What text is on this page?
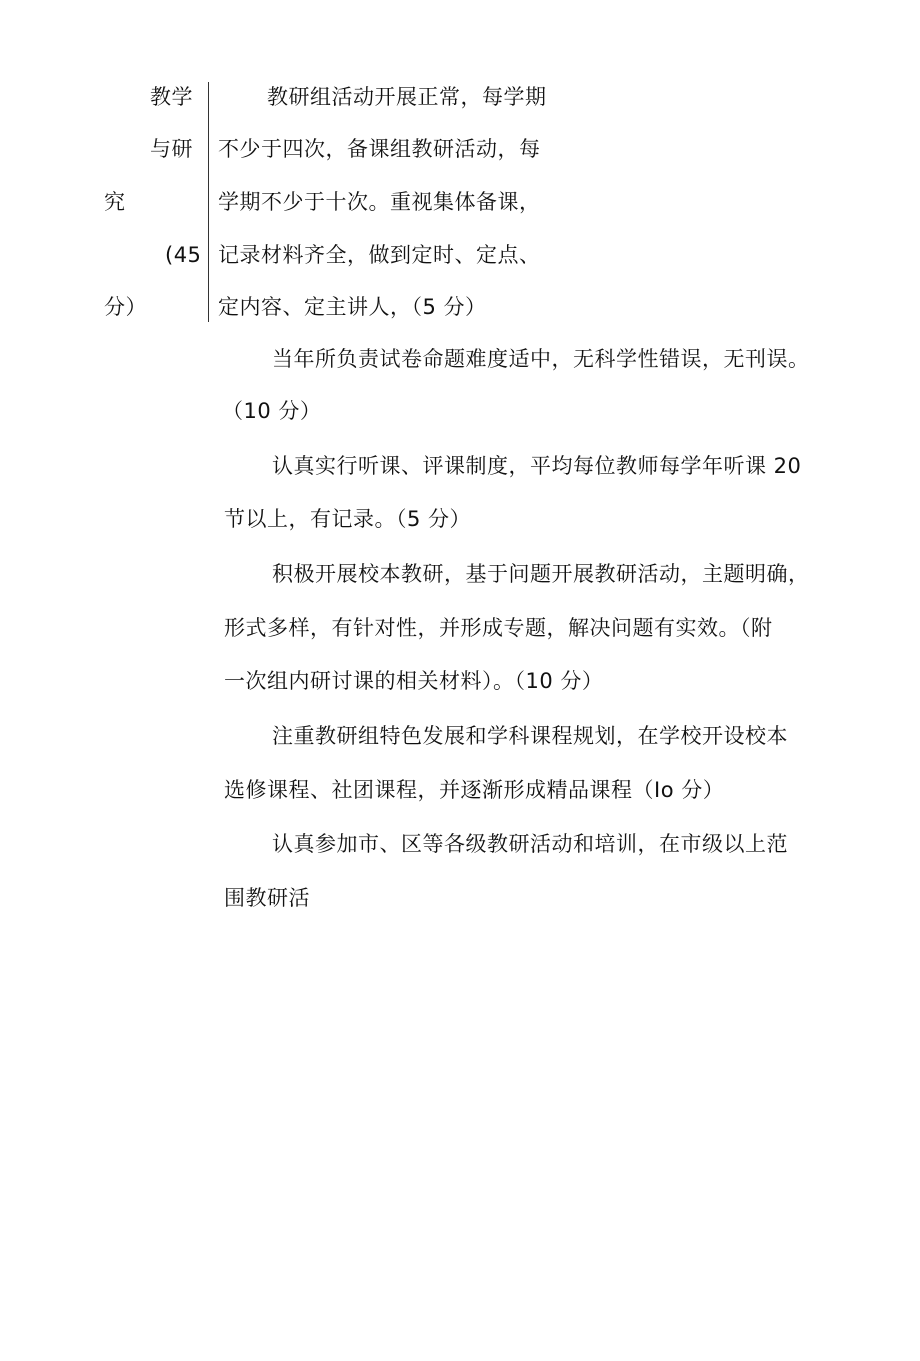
教学
与研
究
(45
分）
教研组活动开展正常，每学期
不少于四次，备课组教研活动，每
学期不少于十次。重视集体备课，
记录材料齐全，做到定时、定点、
定内容、定主讲人，（5 分）
当年所负责试卷命题难度适中，无科学性错误，无刊误。
（10 分）
认真实行听课、评课制度，平均每位教师每学年听课 20
节以上，有记录。（5 分）
积极开展校本教研，基于问题开展教研活动，主题明确，
形式多样，有针对性，并形成专题，解决问题有实效。（附
一次组内研讨课的相关材料）。（10 分）
注重教研组特色发展和学科课程规划，在学校开设校本
选修课程、社团课程，并逐渐形成精品课程（Io 分）
认真参加市、区等各级教研活动和培训，在市级以上范
围教研活
